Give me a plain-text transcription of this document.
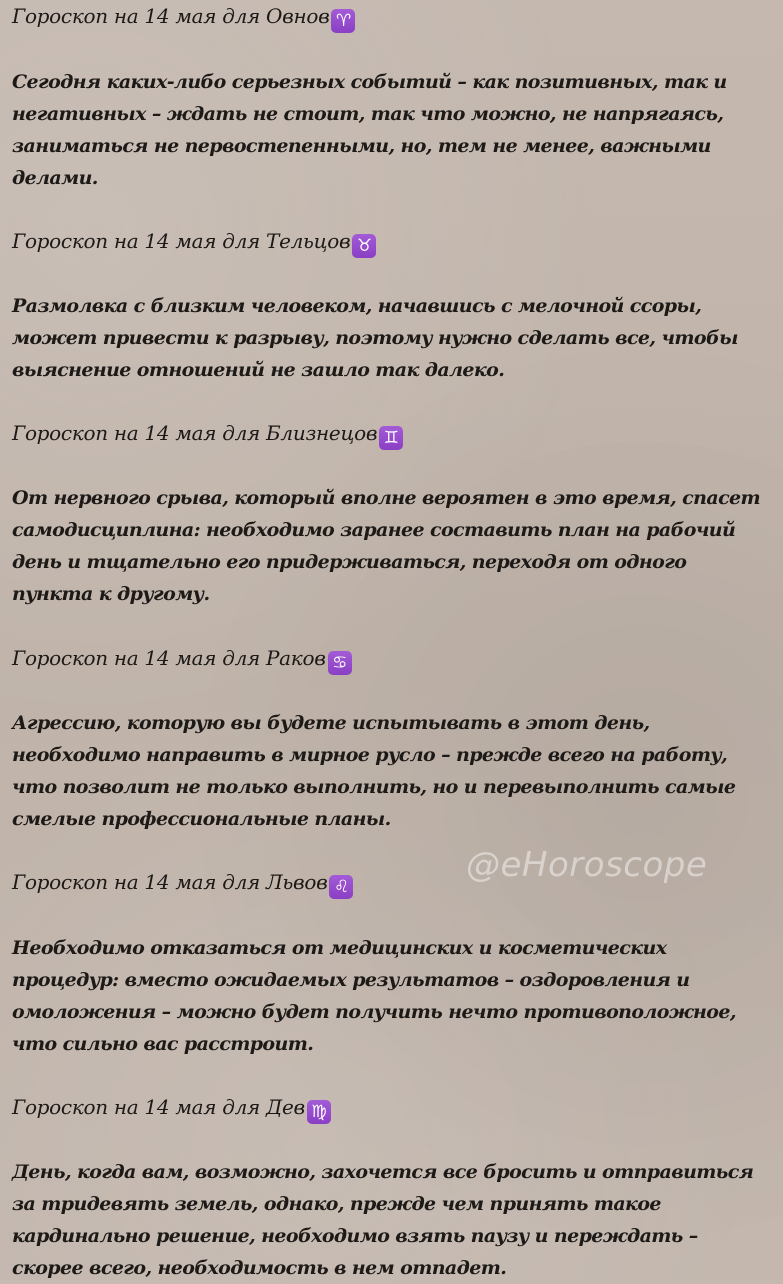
Гороскоп на 14 мая для Овнов ♈
Сегодня каких-либо серьезных событий – как позитивных, так и негативных – ждать не стоит, так что можно, не напрягаясь, заниматься не первостепенными, но, тем не менее, важными делами.
Гороскоп на 14 мая для Тельцов ♉
Размолвка с близким человеком, начавшись с мелочной ссоры, может привести к разрыву, поэтому нужно сделать все, чтобы выяснение отношений не зашло так далеко.
Гороскоп на 14 мая для Близнецов ♊
От нервного срыва, который вполне вероятен в это время, спасет самодисциплина: необходимо заранее составить план на рабочий день и тщательно его придерживаться, переходя от одного пункта к другому.
Гороскоп на 14 мая для Раков ♋
Агрессию, которую вы будете испытывать в этот день, необходимо направить в мирное русло – прежде всего на работу, что позволит не только выполнить, но и перевыполнить самые смелые профессиональные планы.
Гороскоп на 14 мая для Львов ♌
Необходимо отказаться от медицинских и косметических процедур: вместо ожидаемых результатов – оздоровления и омоложения – можно будет получить нечто противоположное, что сильно вас расстроит.
Гороскоп на 14 мая для Дев ♍
День, когда вам, возможно, захочется все бросить и отправиться за тридевять земель, однако, прежде чем принять такое кардинально решение, необходимо взять паузу и переждать – скорее всего, необходимость в нем отпадет.
@eHoroscope
